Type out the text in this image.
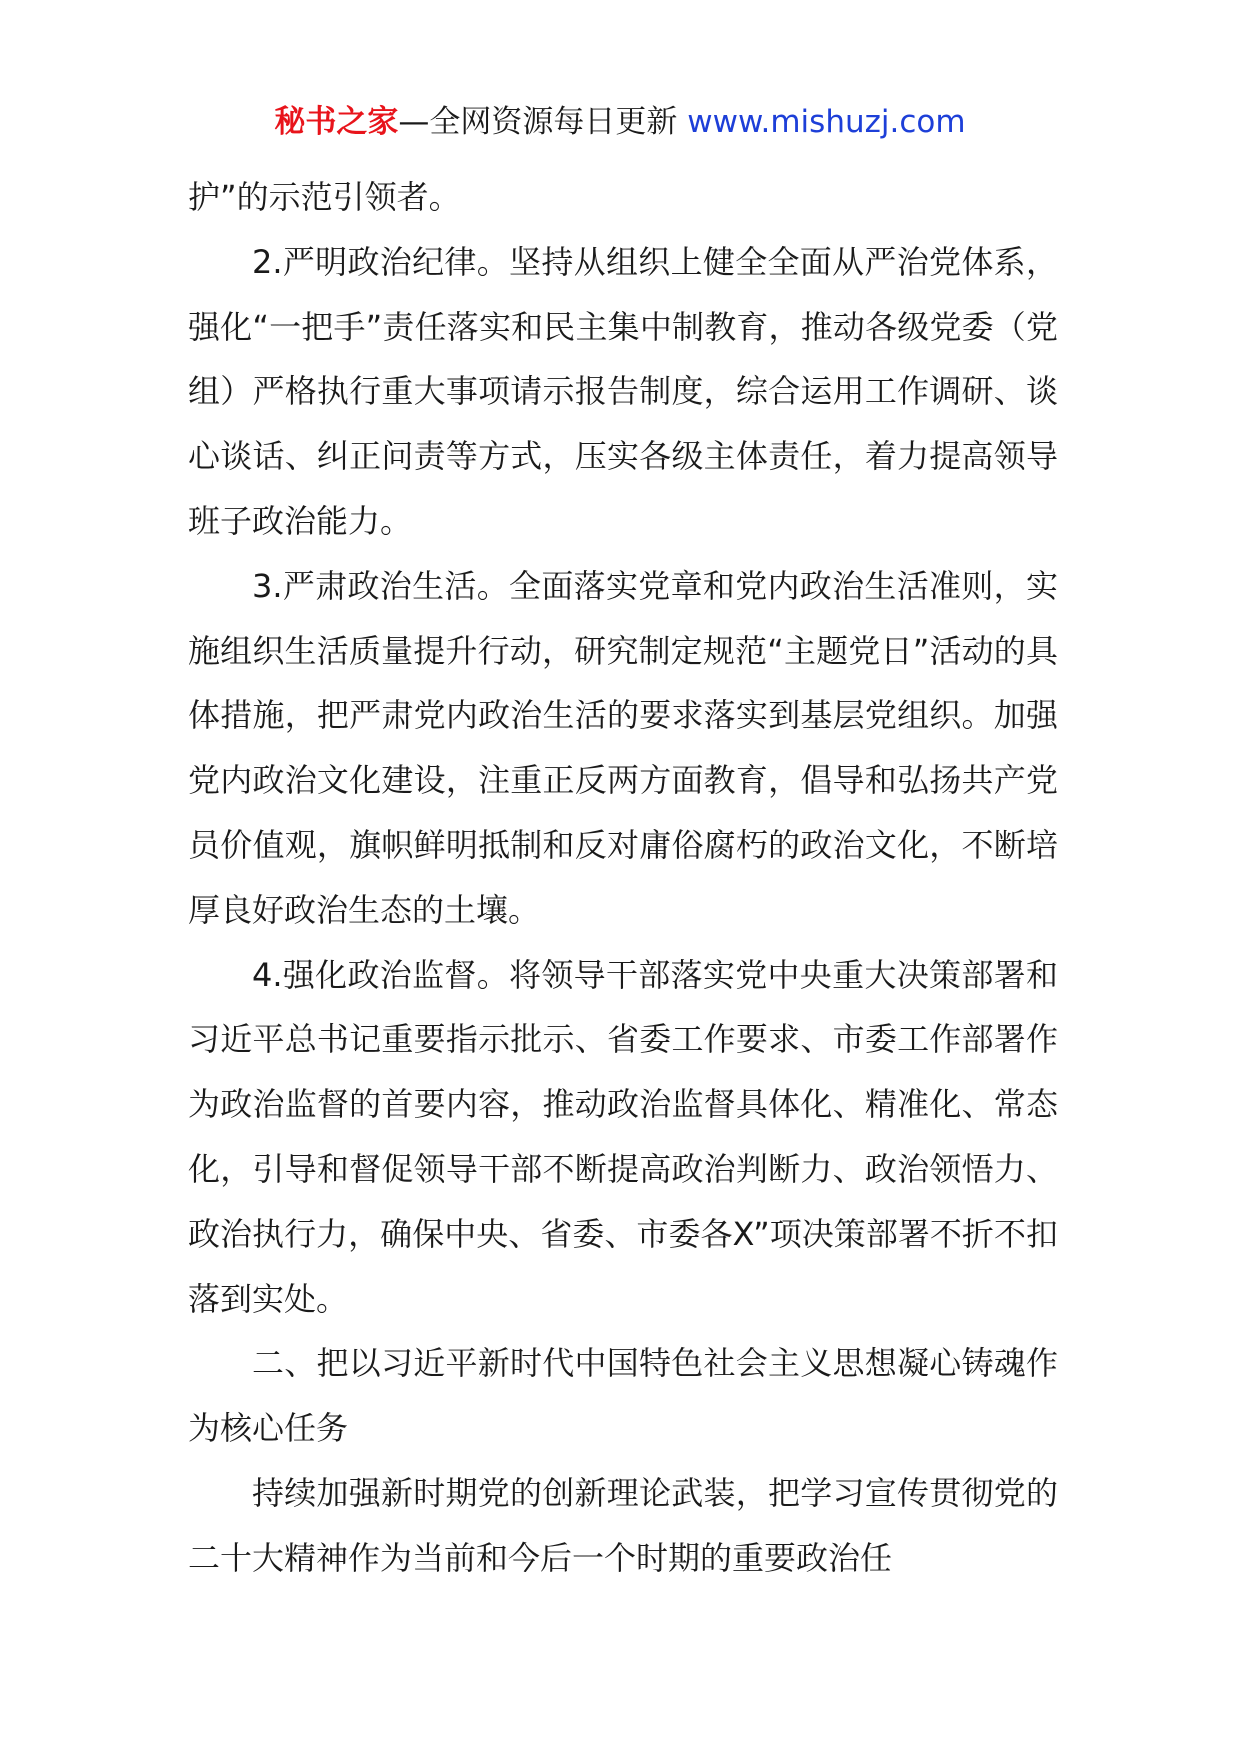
秘书之家—全网资源每日更新 www.mishuzj.com

护”的示范引领者。

2.严明政治纪律。坚持从组织上健全全面从严治党体系，强化“一把手”责任落实和民主集中制教育，推动各级党委（党组）严格执行重大事项请示报告制度，综合运用工作调研、谈心谈话、纠正问责等方式，压实各级主体责任，着力提高领导班子政治能力。

3.严肃政治生活。全面落实党章和党内政治生活准则，实施组织生活质量提升行动，研究制定规范“主题党日”活动的具体措施，把严肃党内政治生活的要求落实到基层党组织。加强党内政治文化建设，注重正反两方面教育，倡导和弘扬共产党员价值观，旗帜鲜明抵制和反对庸俗腐朽的政治文化，不断培厚良好政治生态的土壤。

4.强化政治监督。将领导干部落实党中央重大决策部署和习近平总书记重要指示批示、省委工作要求、市委工作部署作为政治监督的首要内容，推动政治监督具体化、精准化、常态化，引导和督促领导干部不断提高政治判断力、政治领悟力、政治执行力，确保中央、省委、市委各X”项决策部署不折不扣落到实处。

二、把以习近平新时代中国特色社会主义思想凝心铸魂作为核心任务

持续加强新时期党的创新理论武装，把学习宣传贯彻党的二十大精神作为当前和今后一个时期的重要政治任
